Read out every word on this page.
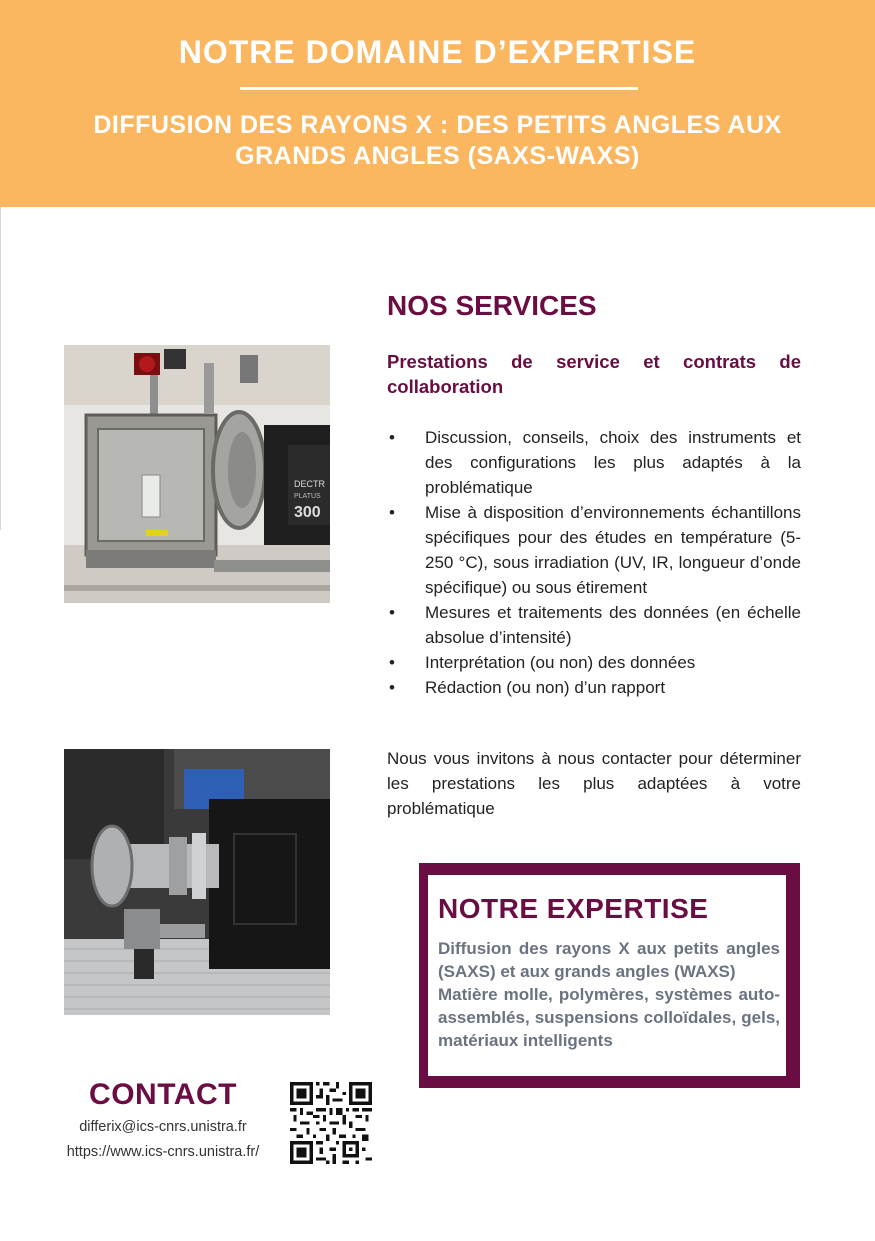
NOTRE DOMAINE D’EXPERTISE
DIFFUSION DES RAYONS X : DES PETITS ANGLES AUX GRANDS ANGLES (SAXS-WAXS)
DECTR
PLATUS
300
NOS SERVICES

Prestations de service et contrats de

collaboration

• Discussion, conseils, choix des instruments et des configurations les plus adaptés à la problématique
• Mise à disposition d’environnements échantillons spécifiques pour des études en température (5-250 °C), sous irradiation (UV, IR, longueur d’onde spécifique) ou sous étirement
• Mesures et traitements des données (en échelle absolue d’intensité)
• Interprétation (ou non) des données
• Rédaction (ou non) d’un rapport

Nous vous invitons à nous contacter pour déterminer les prestations les plus adaptées à votre problématique

NOTRE EXPERTISE
Diffusion des rayons X aux petits angles (SAXS) et aux grands angles (WAXS)
Matière molle, polymères, systèmes auto-assemblés, suspensions colloïdales, gels, matériaux intelligents
CONTACT
differix@ics-cnrs.unistra.fr
https://www.ics-cnrs.unistra.fr/
